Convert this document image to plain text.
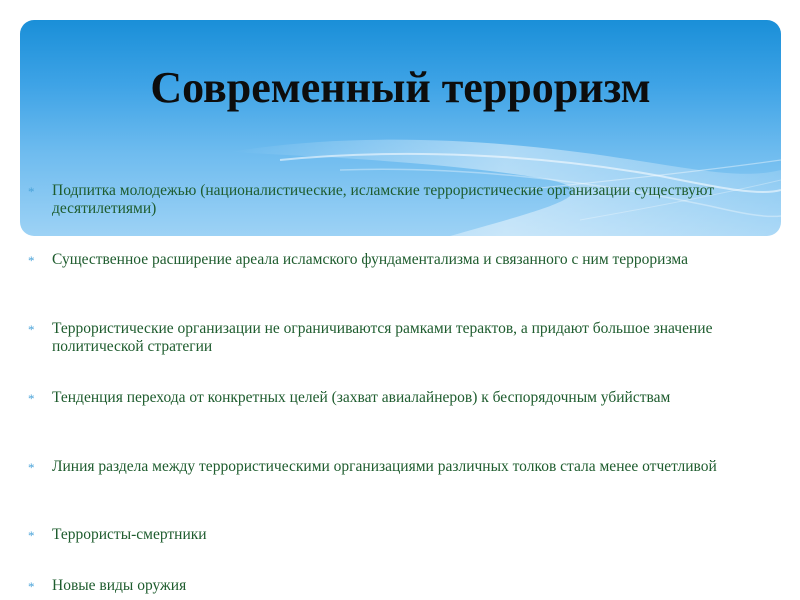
Современный терроризм
*	Подпитка молодежью (националистические, исламские террористические организации существуют десятилетиями)
*	Существенное расширение ареала исламского фундаментализма и связанного с ним терроризма
*	Террористические организации не ограничиваются рамками терактов, а придают большое значение политической стратегии
*	Тенденция перехода от конкретных целей (захват авиалайнеров) к беспорядочным убийствам
*	Линия раздела между террористическими организациями различных толков стала менее отчетливой
*	Террористы-смертники
*	Новые виды оружия
